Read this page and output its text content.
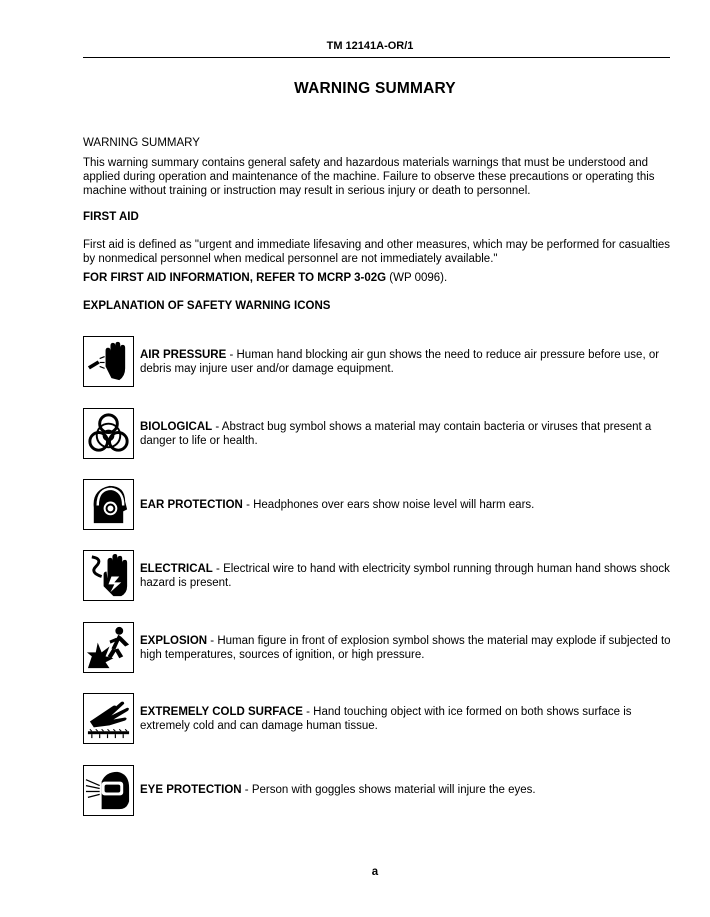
TM 12141A-OR/1
WARNING SUMMARY
WARNING SUMMARY
This warning summary contains general safety and hazardous materials warnings that must be understood and applied during operation and maintenance of the machine. Failure to observe these precautions or operating this machine without training or instruction may result in serious injury or death to personnel.
FIRST AID
First aid is defined as "urgent and immediate lifesaving and other measures, which may be performed for casualties by nonmedical personnel when medical personnel are not immediately available."
FOR FIRST AID INFORMATION, REFER TO MCRP 3-02G (WP 0096).
EXPLANATION OF SAFETY WARNING ICONS
AIR PRESSURE - Human hand blocking air gun shows the need to reduce air pressure before use, or debris may injure user and/or damage equipment.
BIOLOGICAL - Abstract bug symbol shows a material may contain bacteria or viruses that present a danger to life or health.
EAR PROTECTION - Headphones over ears show noise level will harm ears.
ELECTRICAL - Electrical wire to hand with electricity symbol running through human hand shows shock hazard is present.
EXPLOSION - Human figure in front of explosion symbol shows the material may explode if subjected to high temperatures, sources of ignition, or high pressure.
EXTREMELY COLD SURFACE - Hand touching object with ice formed on both shows surface is extremely cold and can damage human tissue.
EYE PROTECTION - Person with goggles shows material will injure the eyes.
a
